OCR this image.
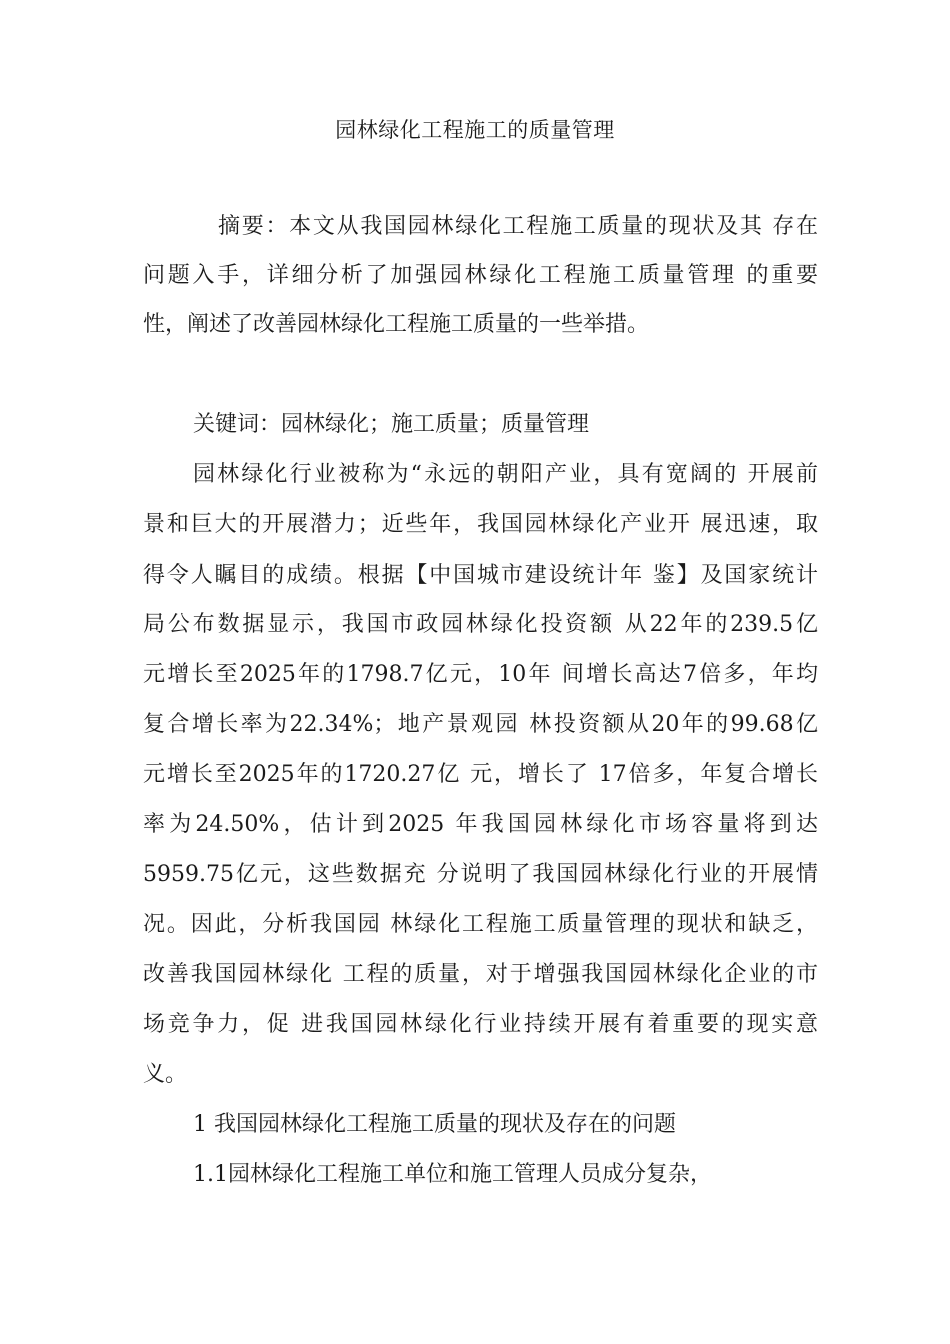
园林绿化工程施工的质量管理
摘要：本文从我国园林绿化工程施工质量的现状及其 存在
问题入手，详细分析了加强园林绿化工程施工质量管理 的重要
性，阐述了改善园林绿化工程施工质量的一些举措。
关键词：园林绿化；施工质量；质量管理
园林绿化行业被称为“永远的朝阳产业，具有宽阔的 开展前
景和巨大的开展潜力；近些年，我国园林绿化产业开 展迅速，取
得令人瞩目的成绩。根据【中国城市建设统计年 鉴】及国家统计
局公布数据显示，我国市政园林绿化投资额 从22年的239.5亿
元增长至2025年的1798.7亿元，10年 间增长高达7倍多，年均
复合增长率为22.34%；地产景观园 林投资额从20年的99.68亿
元增长至2025年的1720.27亿 元，增长了 17倍多，年复合增长
率为24.50%，估计到2025 年我国园林绿化市场容量将到达
5959.75亿元，这些数据充 分说明了我国园林绿化行业的开展情
况。因此，分析我国园 林绿化工程施工质量管理的现状和缺乏，
改善我国园林绿化 工程的质量，对于增强我国园林绿化企业的市
场竞争力，促 进我国园林绿化行业持续开展有着重要的现实意
义。
1 我国园林绿化工程施工质量的现状及存在的问题
1.1园林绿化工程施工单位和施工管理人员成分复杂，
